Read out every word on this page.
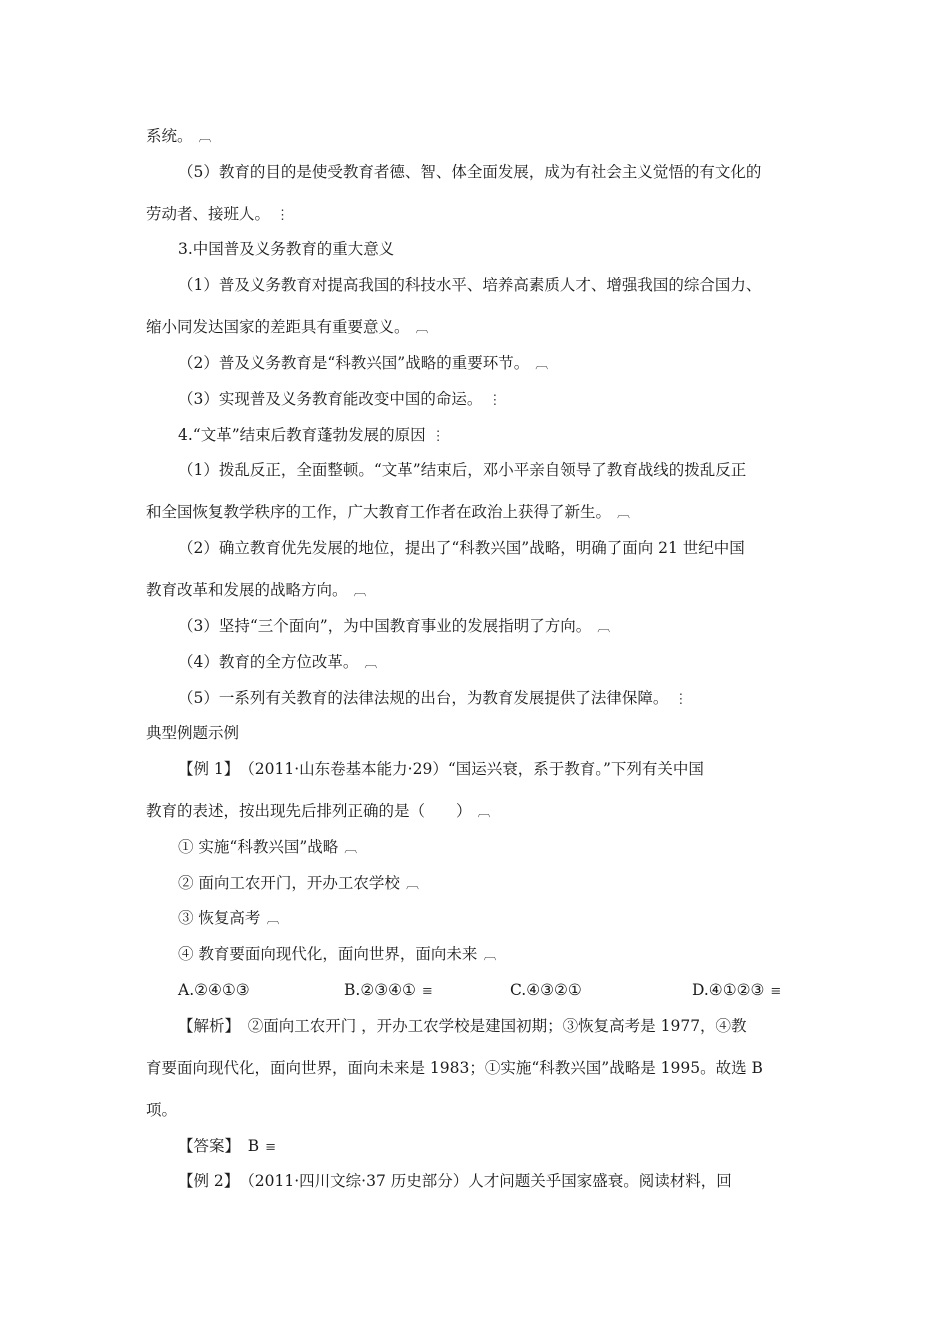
系统。 ︹
（5）教育的目的是使受教育者德、智、体全面发展，成为有社会主义觉悟的有文化的
劳动者、接班人。 ⋮
3.中国普及义务教育的重大意义
（1）普及义务教育对提高我国的科技水平、培养高素质人才、增强我国的综合国力、
缩小同发达国家的差距具有重要意义。 ︹
（2）普及义务教育是“科教兴国”战略的重要环节。 ︹
（3）实现普及义务教育能改变中国的命运。 ⋮
4.“文革”结束后教育蓬勃发展的原因 ⋮
（1）拨乱反正，全面整顿。“文革”结束后，邓小平亲自领导了教育战线的拨乱反正
和全国恢复教学秩序的工作，广大教育工作者在政治上获得了新生。 ︹
（2）确立教育优先发展的地位，提出了“科教兴国”战略，明确了面向 21 世纪中国
教育改革和发展的战略方向。 ︹
（3）坚持“三个面向”，为中国教育事业的发展指明了方向。 ︹
（4）教育的全方位改革。 ︹
（5）一系列有关教育的法律法规的出台，为教育发展提供了法律保障。 ⋮
典型例题示例
【例 1】　（2011·山东卷基本能力·29）“国运兴衰，系于教育。”下列有关中国
教育的表述，按出现先后排列正确的是（　　） ︹
① 实施“科教兴国”战略 ︹
② 面向工农开门，开办工农学校 ︹
③ 恢复高考 ︹
④ 教育要面向现代化，面向世界，面向未来 ︹
A.②④①③	B.②③④① ≡	C.④③②①	D.④①②③ ≡
【解析】　②面向工农开门 ，开办工农学校是建国初期；③恢复高考是 1977，④教
育要面向现代化，面向世界，面向未来是 1983；①实施“科教兴国”战略是 1995。故选 B
项。
【答案】　B ≡
【例 2】　（2011·四川文综·37 历史部分）人才问题关乎国家盛衰。阅读材料，回
